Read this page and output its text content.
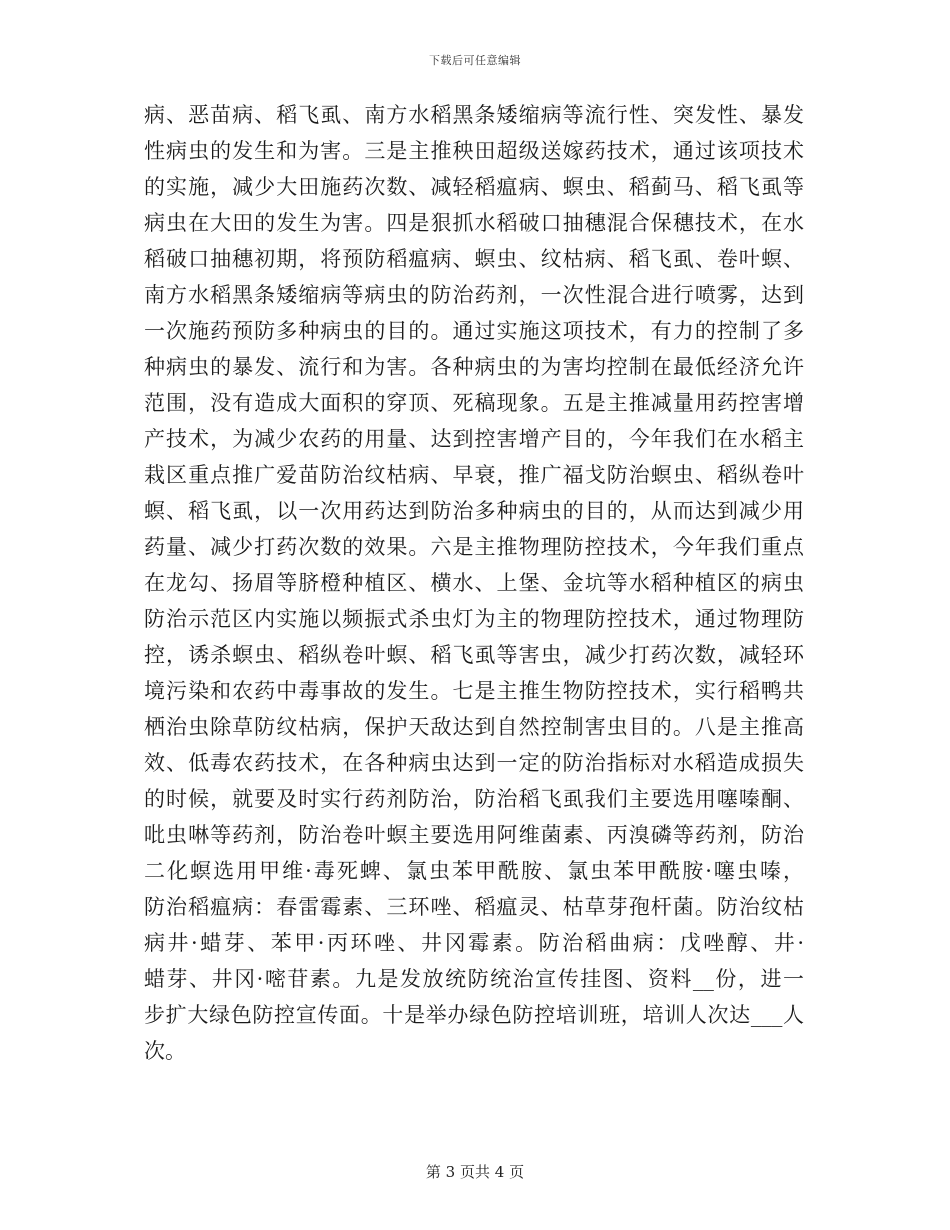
下载后可任意编辑
病、恶苗病、稻飞虱、南方水稻黑条矮缩病等流行性、突发性、暴发
性病虫的发生和为害。三是主推秧田超级送嫁药技术，通过该项技术
的实施，减少大田施药次数、减轻稻瘟病、螟虫、稻蓟马、稻飞虱等
病虫在大田的发生为害。四是狠抓水稻破口抽穗混合保穗技术，在水
稻破口抽穗初期，将预防稻瘟病、螟虫、纹枯病、稻飞虱、卷叶螟、
南方水稻黑条矮缩病等病虫的防治药剂，一次性混合进行喷雾，达到
一次施药预防多种病虫的目的。通过实施这项技术，有力的控制了多
种病虫的暴发、流行和为害。各种病虫的为害均控制在最低经济允许
范围，没有造成大面积的穿顶、死稿现象。五是主推减量用药控害增
产技术，为减少农药的用量、达到控害增产目的，今年我们在水稻主
栽区重点推广爱苗防治纹枯病、早衰，推广福戈防治螟虫、稻纵卷叶
螟、稻飞虱，以一次用药达到防治多种病虫的目的，从而达到减少用
药量、减少打药次数的效果。六是主推物理防控技术，今年我们重点
在龙勾、扬眉等脐橙种植区、横水、上堡、金坑等水稻种植区的病虫
防治示范区内实施以频振式杀虫灯为主的物理防控技术，通过物理防
控，诱杀螟虫、稻纵卷叶螟、稻飞虱等害虫，减少打药次数，减轻环
境污染和农药中毒事故的发生。七是主推生物防控技术，实行稻鸭共
栖治虫除草防纹枯病，保护天敌达到自然控制害虫目的。八是主推高
效、低毒农药技术，在各种病虫达到一定的防治指标对水稻造成损失
的时候，就要及时实行药剂防治，防治稻飞虱我们主要选用噻嗪酮、
吡虫啉等药剂，防治卷叶螟主要选用阿维菌素、丙溴磷等药剂，防治
二化螟选用甲维·毒死蜱、氯虫苯甲酰胺、氯虫苯甲酰胺·噻虫嗪，
防治稻瘟病：春雷霉素、三环唑、稻瘟灵、枯草芽孢杆菌。防治纹枯
病井·蜡芽、苯甲·丙环唑、井冈霉素。防治稻曲病：戊唑醇、井·
蜡芽、井冈·嘧苷素。九是发放统防统治宣传挂图、资料__份，进一
步扩大绿色防控宣传面。十是举办绿色防控培训班，培训人次达___人
次。
第 3 页共 4 页
